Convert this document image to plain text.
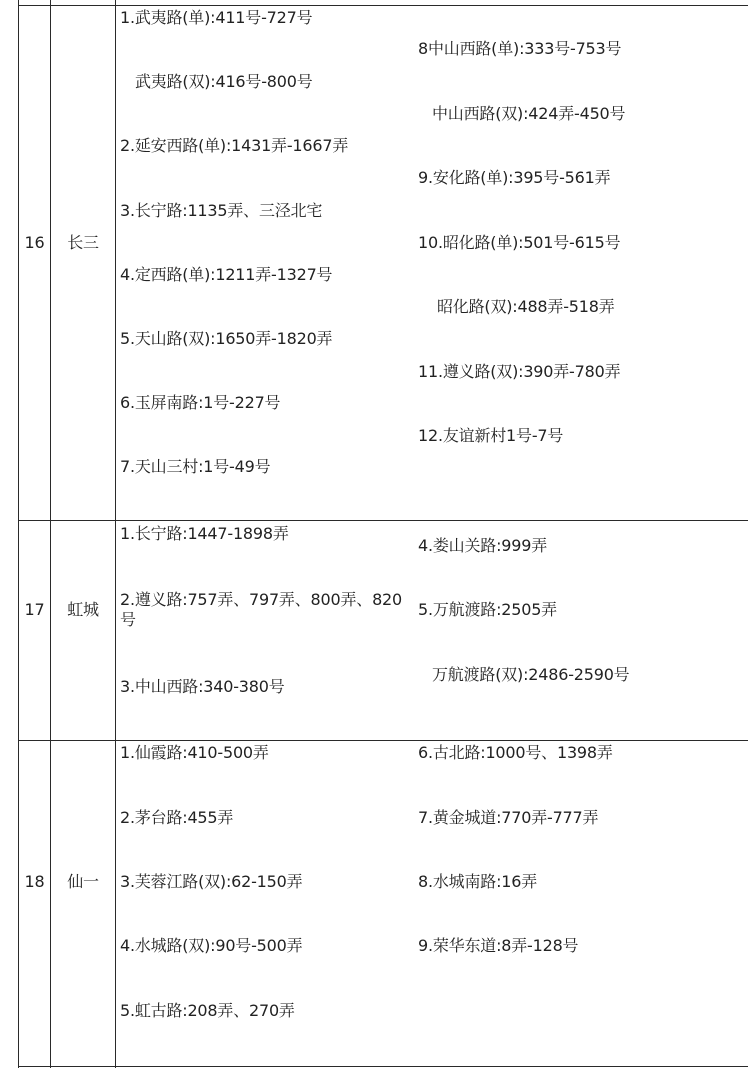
16	长三
1.武夷路(单):411号-727号
武夷路(双):416号-800号
2.延安西路(单):1431弄-1667弄
3.长宁路:1135弄、三泾北宅
4.定西路(单):1211弄-1327号
5.天山路(双):1650弄-1820弄
6.玉屏南路:1号-227号
7.天山三村:1号-49号
8中山西路(单):333号-753号
中山西路(双):424弄-450号
9.安化路(单):395号-561弄
10.昭化路(单):501号-615号
昭化路(双):488弄-518弄
11.遵义路(双):390弄-780弄
12.友谊新村1号-7号
17	虹城
1.长宁路:1447-1898弄
2.遵义路:757弄、797弄、800弄、820号
3.中山西路:340-380号
4.娄山关路:999弄
5.万航渡路:2505弄
万航渡路(双):2486-2590号
18	仙一
1.仙霞路:410-500弄
2.茅台路:455弄
3.芙蓉江路(双):62-150弄
4.水城路(双):90号-500弄
5.虹古路:208弄、270弄
6.古北路:1000号、1398弄
7.黄金城道:770弄-777弄
8.水城南路:16弄
9.荣华东道:8弄-128号
